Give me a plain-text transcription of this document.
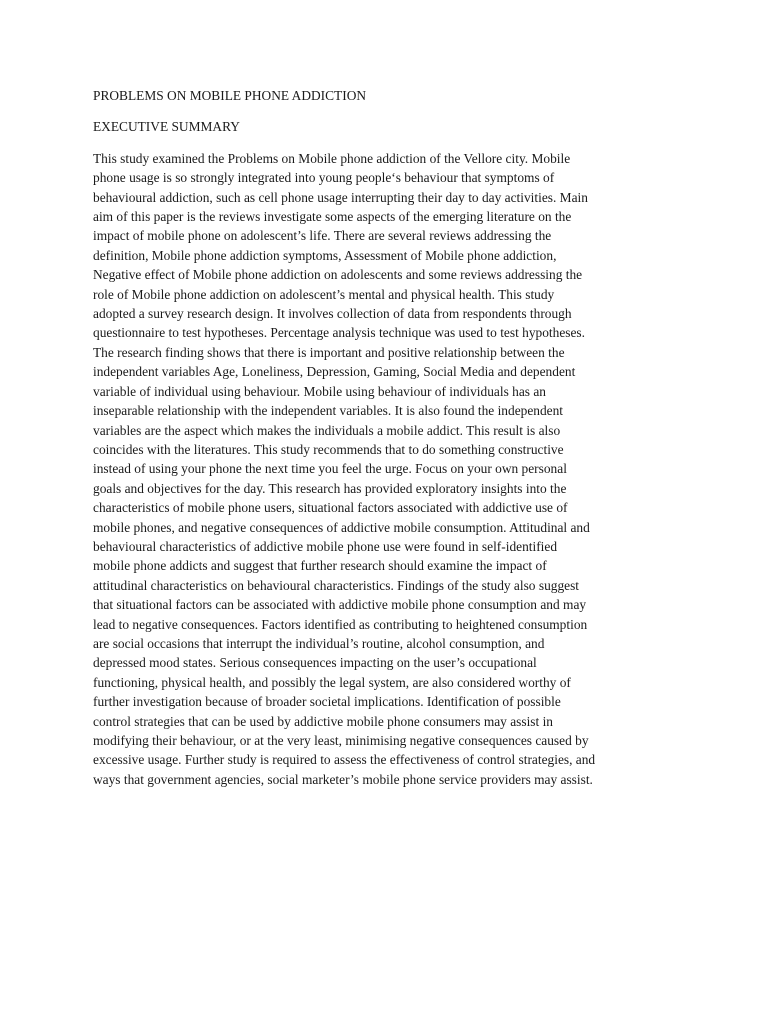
PROBLEMS ON MOBILE PHONE ADDICTION
EXECUTIVE SUMMARY

This study examined the Problems on Mobile phone addiction of the Vellore city. Mobile
phone usage is so strongly integrated into young people‘s behaviour that symptoms of
behavioural addiction, such as cell phone usage interrupting their day to day activities. Main
aim of this paper is the reviews investigate some aspects of the emerging literature on the
impact of mobile phone on adolescent’s life. There are several reviews addressing the
definition, Mobile phone addiction symptoms, Assessment of Mobile phone addiction,
Negative effect of Mobile phone addiction on adolescents and some reviews addressing the
role of Mobile phone addiction on adolescent’s mental and physical health. This study
adopted a survey research design. It involves collection of data from respondents through
questionnaire to test hypotheses. Percentage analysis technique was used to test hypotheses.
The research finding shows that there is important and positive relationship between the
independent variables Age, Loneliness, Depression, Gaming, Social Media and dependent
variable of individual using behaviour. Mobile using behaviour of individuals has an
inseparable relationship with the independent variables. It is also found the independent
variables are the aspect which makes the individuals a mobile addict. This result is also
coincides with the literatures. This study recommends that to do something constructive
instead of using your phone the next time you feel the urge. Focus on your own personal
goals and objectives for the day. This research has provided exploratory insights into the
characteristics of mobile phone users, situational factors associated with addictive use of
mobile phones, and negative consequences of addictive mobile consumption. Attitudinal and
behavioural characteristics of addictive mobile phone use were found in self-identified
mobile phone addicts and suggest that further research should examine the impact of
attitudinal characteristics on behavioural characteristics. Findings of the study also suggest
that situational factors can be associated with addictive mobile phone consumption and may
lead to negative consequences. Factors identified as contributing to heightened consumption
are social occasions that interrupt the individual’s routine, alcohol consumption, and
depressed mood states. Serious consequences impacting on the user’s occupational
functioning, physical health, and possibly the legal system, are also considered worthy of
further investigation because of broader societal implications. Identification of possible
control strategies that can be used by addictive mobile phone consumers may assist in
modifying their behaviour, or at the very least, minimising negative consequences caused by
excessive usage. Further study is required to assess the effectiveness of control strategies, and
ways that government agencies, social marketer’s mobile phone service providers may assist.
